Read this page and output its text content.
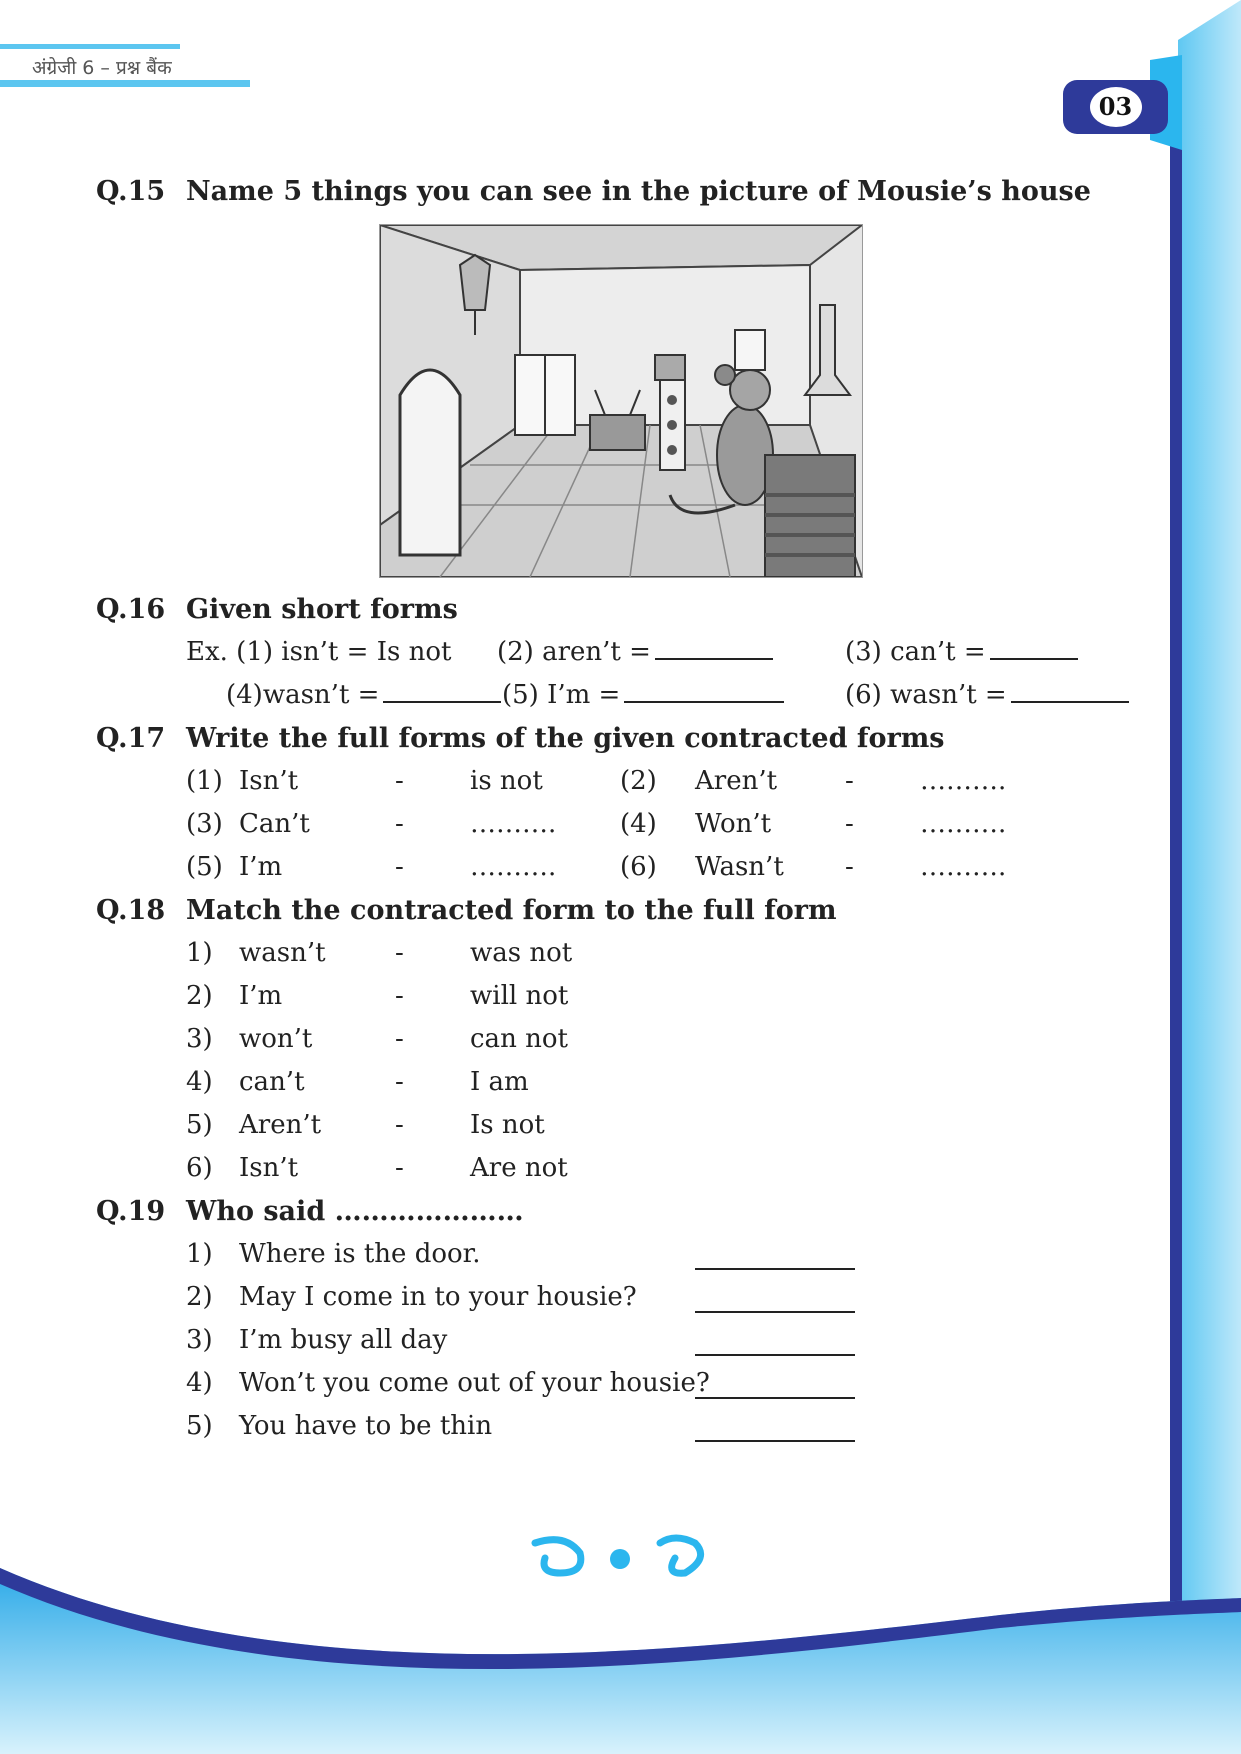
अंग्रेजी 6 – प्रश्न बैंक
03
Q.15 Name 5 things you can see in the picture of Mousie’s house
Q.16 Given short forms
Ex. (1) isn’t = Is not (2) aren’t =	(3) can’t =
(4)wasn’t =	(5) I’m =	(6) wasn’t =
Q.17 Write the full forms of the given contracted forms
(1) Isn’t	-	is not	(2) Aren’t	-	……….
(3) Can’t	-	………. (4) Won’t	-	……….
(5) I’m	-	………. (6) Wasn’t -	……….
Q.18 Match the contracted form to the full form
1) wasn’t	-	was not
2) I’m	-	will not
3) won’t	-	can not
4) can’t	-	I am
5) Aren’t	-	Is not
6) Isn’t	-	Are not
Q.19 Who said …………………
1) Where is the door.
2) May I come in to your housie?
3) I’m busy all day
4) Won’t you come out of your housie?
5) You have to be thin
